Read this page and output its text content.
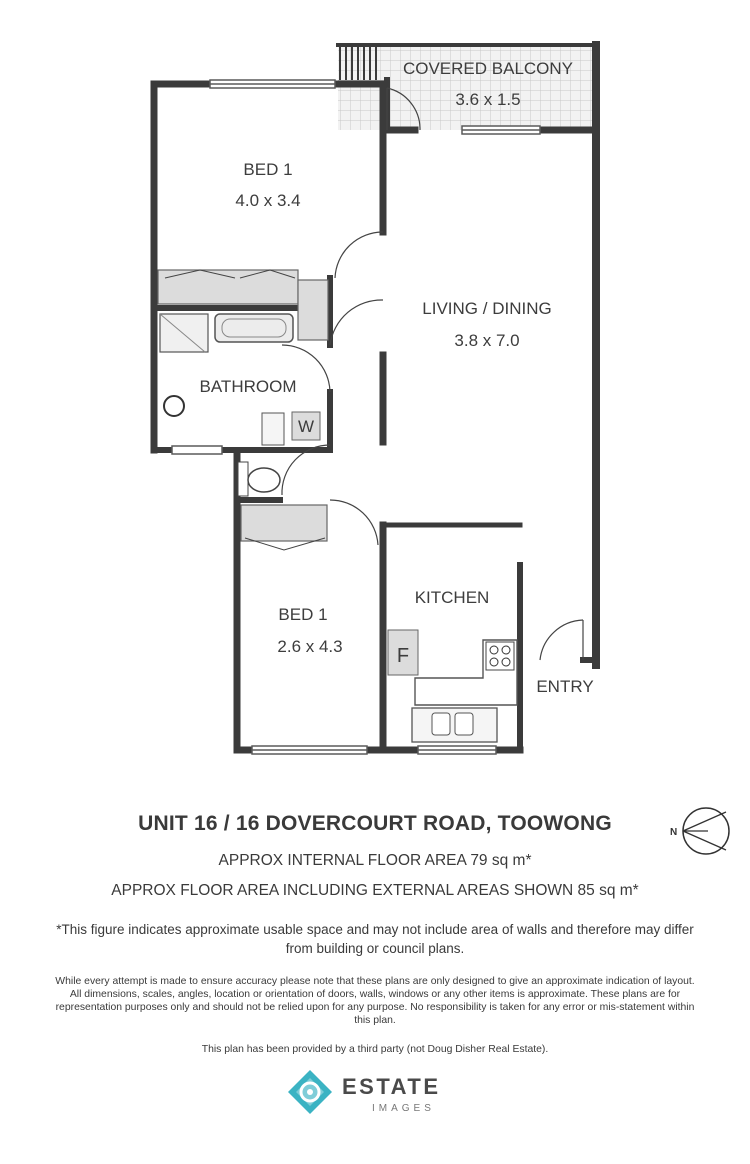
W
F
COVERED BALCONY
3.6 x 1.5
BED 1
4.0 x 3.4
LIVING / DINING
3.8 x 7.0
BATHROOM
BED 1
2.6 x 4.3
KITCHEN
ENTRY
UNIT 16 / 16 DOVERCOURT ROAD, TOOWONG
APPROX INTERNAL FLOOR AREA 79 sq m*
APPROX FLOOR AREA INCLUDING EXTERNAL AREAS SHOWN 85 sq m*
*This figure indicates approximate usable space and may not include area of walls and therefore may differ from building or council plans.
While every attempt is made to ensure accuracy please note that these plans are only designed to give an approximate indication of layout. All dimensions, scales, angles, location or orientation of doors, walls, windows or any other items is approximate. These plans are for representation purposes only and should not be relied upon for any purpose. No responsibility is taken for any error or mis-statement within this plan.
This plan has been provided by a third party (not Doug Disher Real Estate).
N
ESTATE
IMAGES
